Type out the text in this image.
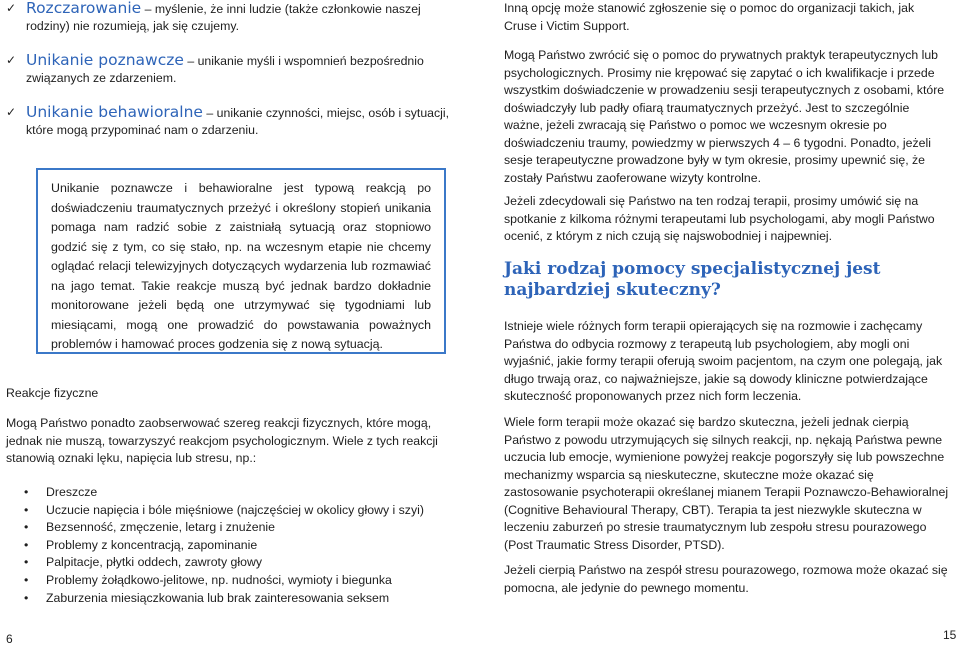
✓ Rozczarowanie – myślenie, że inni ludzie (także członkowie naszej rodziny) nie rozumieją, jak się czujemy.
✓ Unikanie poznawcze – unikanie myśli i wspomnień bezpośrednio związanych ze zdarzeniem.
✓ Unikanie behawioralne – unikanie czynności, miejsc, osób i sytuacji, które mogą przypominać nam o zdarzeniu.
Unikanie poznawcze i behawioralne jest typową reakcją po doświadczeniu traumatycznych przeżyć i określony stopień unikania pomaga nam radzić sobie z zaistniałą sytuacją oraz stopniowo godzić się z tym, co się stało, np. na wczesnym etapie nie chcemy oglądać relacji telewizyjnych dotyczących wydarzenia lub rozmawiać na jago temat. Takie reakcje muszą być jednak bardzo dokładnie monitorowane jeżeli będą one utrzymywać się tygodniami lub miesiącami, mogą one prowadzić do powstawania poważnych problemów i hamować proces godzenia się z nową sytuacją.
Reakcje fizyczne
Mogą Państwo ponadto zaobserwować szereg reakcji fizycznych, które mogą, jednak nie muszą, towarzyszyć reakcjom psychologicznym. Wiele z tych reakcji stanowią oznaki lęku, napięcia lub stresu, np.:
• Dreszcze
• Uczucie napięcia i bóle mięśniowe (najczęściej w okolicy głowy i szyi)
• Bezsenność, zmęczenie, letarg i znużenie
• Problemy z koncentracją, zapominanie
• Palpitacje, płytki oddech, zawroty głowy
• Problemy żołądkowo-jelitowe, np. nudności, wymioty i biegunka
• Zaburzenia miesiączkowania lub brak zainteresowania seksem
6
Inną opcję może stanowić zgłoszenie się o pomoc do organizacji takich, jak Cruse i Victim Support.
Mogą Państwo zwrócić się o pomoc do prywatnych praktyk terapeutycznych lub psychologicznych. Prosimy nie krępować się zapytać o ich kwalifikacje i przede wszystkim doświadczenie w prowadzeniu sesji terapeutycznych z osobami, które doświadczyły lub padły ofiarą traumatycznych przeżyć. Jest to szczególnie ważne, jeżeli zwracają się Państwo o pomoc we wczesnym okresie po doświadczeniu traumy, powiedzmy w pierwszych 4 – 6 tygodni. Ponadto, jeżeli sesje terapeutyczne prowadzone były w tym okresie, prosimy upewnić się, że zostały Państwu zaoferowane wizyty kontrolne.
Jeżeli zdecydowali się Państwo na ten rodzaj terapii, prosimy umówić się na spotkanie z kilkoma różnymi terapeutami lub psychologami, aby mogli Państwo ocenić, z którym z nich czują się najswobodniej i najpewniej.
Jaki rodzaj pomocy specjalistycznej jest najbardziej skuteczny?
Istnieje wiele różnych form terapii opierających się na rozmowie i zachęcamy Państwa do odbycia rozmowy z terapeutą lub psychologiem, aby mogli oni wyjaśnić, jakie formy terapii oferują swoim pacjentom, na czym one polegają, jak długo trwają oraz, co najważniejsze, jakie są dowody kliniczne potwierdzające skuteczność proponowanych przez nich form leczenia.
Wiele form terapii może okazać się bardzo skuteczna, jeżeli jednak cierpią Państwo z powodu utrzymujących się silnych reakcji, np. nękają Państwa pewne uczucia lub emocje, wymienione powyżej reakcje pogorszyły się lub powszechne mechanizmy wsparcia są nieskuteczne, skuteczne może okazać się zastosowanie psychoterapii określanej mianem Terapii Poznawczo-Behawioralnej (Cognitive Behavioural Therapy, CBT). Terapia ta jest niezwykle skuteczna w leczeniu zaburzeń po stresie traumatycznym lub zespołu stresu pourazowego (Post Traumatic Stress Disorder, PTSD).
Jeżeli cierpią Państwo na zespół stresu pourazowego, rozmowa może okazać się pomocna, ale jedynie do pewnego momentu.
15
